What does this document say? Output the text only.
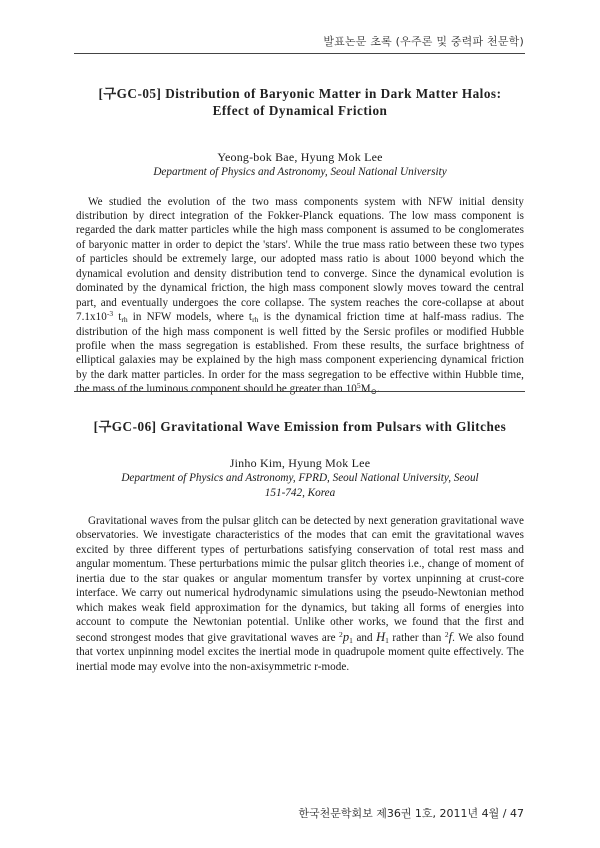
발표논문 초록 (우주론 및 중력파 천문학)
[구GC-05] Distribution of Baryonic Matter in Dark Matter Halos:
Effect of Dynamical Friction

Yeong-bok Bae, Hyung Mok Lee

Department of Physics and Astronomy, Seoul National University

We studied the evolution of the two mass components system with NFW initial density distribution by direct integration of the Fokker-Planck equations. The low mass component is regarded the dark matter particles while the high mass component is assumed to be conglomerates of baryonic matter in order to depict the 'stars'. While the true mass ratio between these two types of particles should be extremely large, our adopted mass ratio is about 1000 beyond which the dynamical evolution and density distribution tend to converge. Since the dynamical evolution is dominated by the dynamical friction, the high mass component slowly moves toward the central part, and eventually undergoes the core collapse. The system reaches the core-collapse at about $7.1x10^{-3}$ $t_{rh}$ in NFW models, where $t_{rh}$ is the dynamical friction time at half-mass radius. The distribution of the high mass component is well fitted by the Sersic profiles or modified Hubble profile when the mass segregation is established. From these results, the surface brightness of elliptical galaxies may be explained by the high mass component experiencing dynamical friction by the dark matter particles. In order for the mass segregation to be effective within Hubble time, the mass of the luminous component should be greater than $10^5M_⊙$.

[구GC-06] Gravitational Wave Emission from Pulsars with Glitches

Jinho Kim, Hyung Mok Lee

Department of Physics and Astronomy, FPRD, Seoul National University, Seoul
151-742, Korea

Gravitational waves from the pulsar glitch can be detected by next generation gravitational wave observatories. We investigate characteristics of the modes that can emit the gravitational waves excited by three different types of perturbations satisfying conservation of total rest mass and angular momentum. These perturbations mimic the pulsar glitch theories i.e., change of moment of inertia due to the star quakes or angular momentum transfer by vortex unpinning at crust-core interface. We carry out numerical hydrodynamic simulations using the pseudo-Newtonian method which makes weak field approximation for the dynamics, but taking all forms of energies into account to compute the Newtonian potential. Unlike other works, we found that the first and second strongest modes that give gravitational waves are $^2p_1$ and $H_1$ rather than $^2$f. We also found that vortex unpinning model excites the inertial mode in quadrupole moment quite effectively. The inertial mode may evolve into the non-axisymmetric r-mode.

한국천문학회보 제36권 1호, 2011년 4월 / 47
